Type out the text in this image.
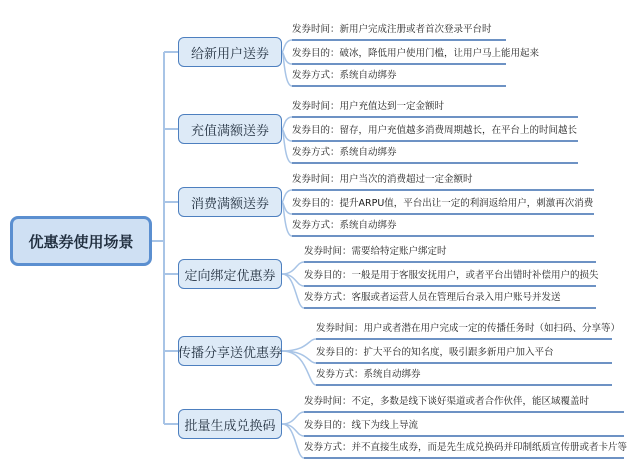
优惠券使用场景
给新用户送券
发券时间：新用户完成注册或者首次登录平台时
发券目的：破冰，降低用户使用门槛，让用户马上能用起来
发券方式：系统自动绑券
充值满额送券
发券时间：用户充值达到一定金额时
发券目的：留存，用户充值越多消费周期越长，在平台上的时间越长
发券方式：系统自动绑券
消费满额送券
发券时间：用户当次的消费超过一定金额时
发券目的：提升ARPU值，平台出让一定的利润返给用户，刺激再次消费
发券方式：系统自动绑券
定向绑定优惠券
发券时间：需要给特定账户绑定时
发券目的：一般是用于客服安抚用户，或者平台出错时补偿用户的损失
发券方式：客服或者运营人员在管理后台录入用户账号并发送
传播分享送优惠券
发券时间：用户或者潜在用户完成一定的传播任务时（如扫码、分享等）
发券目的：扩大平台的知名度，吸引跟多新用户加入平台
发券方式：系统自动绑券
批量生成兑换码
发券时间：不定，多数是线下谈好渠道或者合作伙伴，能区域覆盖时
发券目的：线下为线上导流
发券方式：并不直接生成券，而是先生成兑换码并印制纸质宣传册或者卡片等
